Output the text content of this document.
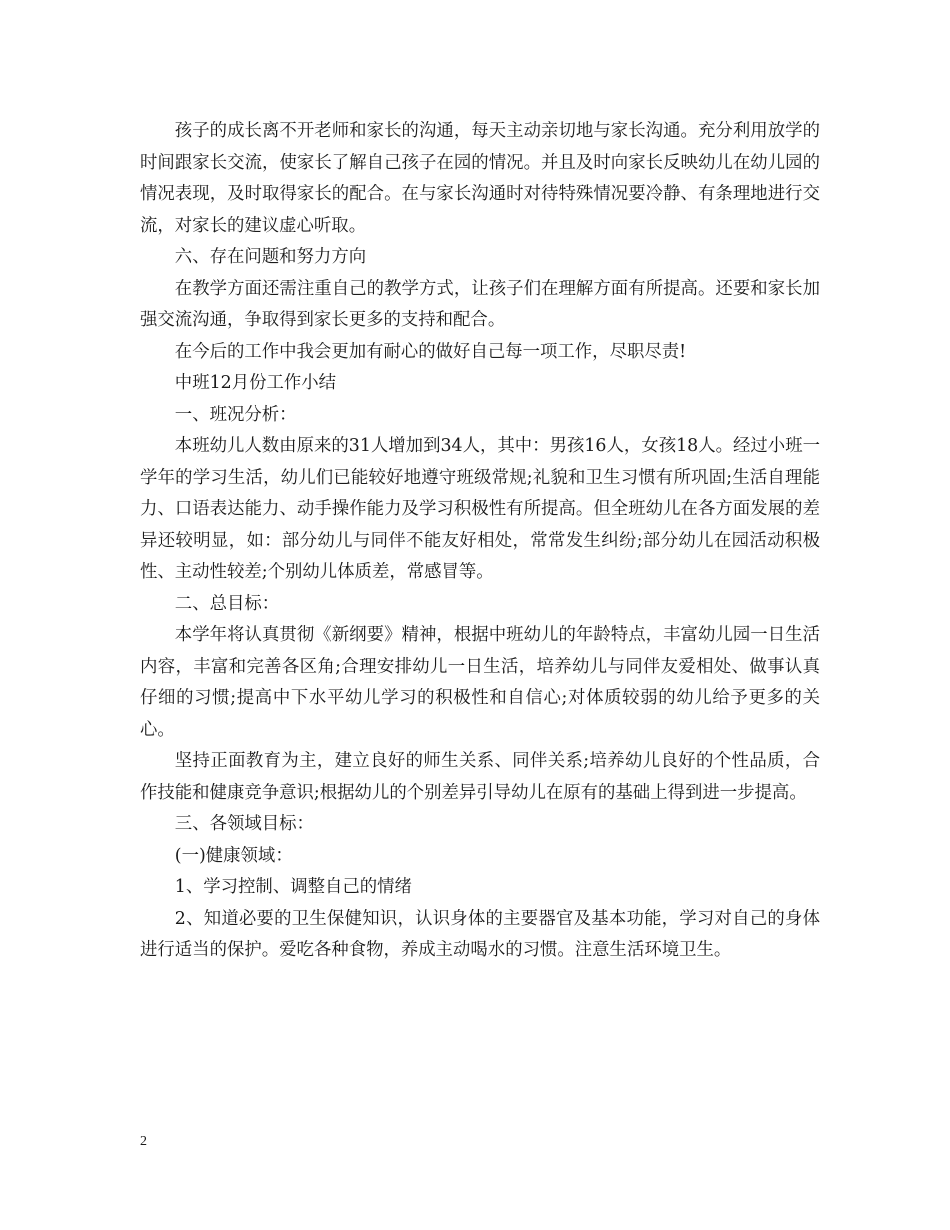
孩子的成长离不开老师和家长的沟通，每天主动亲切地与家长沟通。充分利用放学的时间跟家长交流，使家长了解自己孩子在园的情况。并且及时向家长反映幼儿在幼儿园的情况表现，及时取得家长的配合。在与家长沟通时对待特殊情况要冷静、有条理地进行交流，对家长的建议虚心听取。

六、存在问题和努力方向

在教学方面还需注重自己的教学方式，让孩子们在理解方面有所提高。还要和家长加强交流沟通，争取得到家长更多的支持和配合。

在今后的工作中我会更加有耐心的做好自己每一项工作，尽职尽责!

中班12月份工作小结

一、班况分析：

本班幼儿人数由原来的31人增加到34人，其中：男孩16人，女孩18人。经过小班一学年的学习生活，幼儿们已能较好地遵守班级常规;礼貌和卫生习惯有所巩固;生活自理能力、口语表达能力、动手操作能力及学习积极性有所提高。但全班幼儿在各方面发展的差异还较明显，如：部分幼儿与同伴不能友好相处，常常发生纠纷;部分幼儿在园活动积极性、主动性较差;个别幼儿体质差，常感冒等。

二、总目标：

本学年将认真贯彻《新纲要》精神，根据中班幼儿的年龄特点，丰富幼儿园一日生活内容，丰富和完善各区角;合理安排幼儿一日生活，培养幼儿与同伴友爱相处、做事认真仔细的习惯;提高中下水平幼儿学习的积极性和自信心;对体质较弱的幼儿给予更多的关心。

坚持正面教育为主，建立良好的师生关系、同伴关系;培养幼儿良好的个性品质，合作技能和健康竞争意识;根据幼儿的个别差异引导幼儿在原有的基础上得到进一步提高。

三、各领域目标：

(一)健康领域：

1、学习控制、调整自己的情绪

2、知道必要的卫生保健知识，认识身体的主要器官及基本功能，学习对自己的身体进行适当的保护。爱吃各种食物，养成主动喝水的习惯。注意生活环境卫生。

2
